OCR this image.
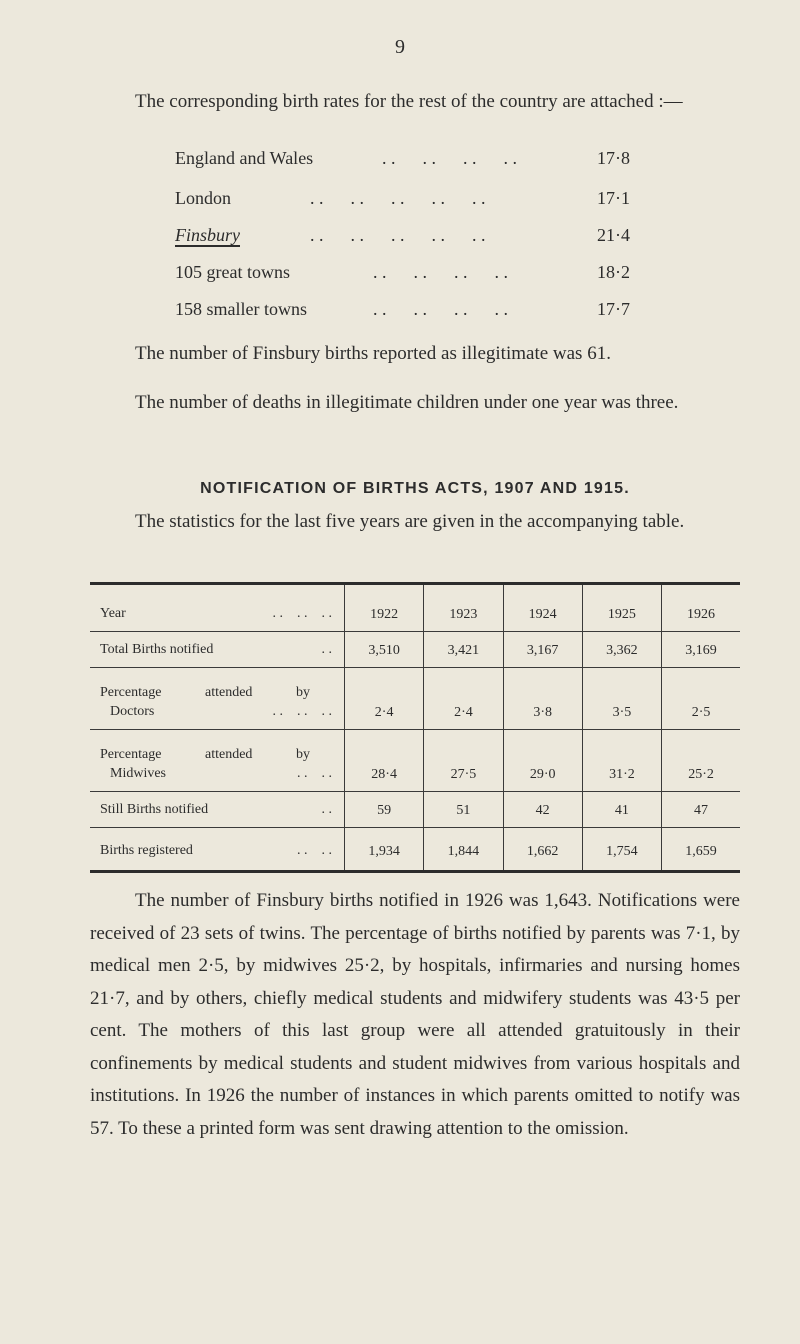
9

The corresponding birth rates for the rest of the country are attached :—

England and Wales	. .      . .      . .      . .	17·8
London	. .      . .      . .      . .      . .	17·1
Finsbury	. .      . .      . .      . .      . .	21·4
105 great towns	. .      . .      . .      . .	18·2
158 smaller towns	. .      . .      . .      . .	17·7

The number of Finsbury births reported as illegitimate was 61.

The number of deaths in illegitimate children under one year was three.

NOTIFICATION OF BIRTHS ACTS, 1907 AND 1915.

The statistics for the last five years are given in the accompanying table.

Year . .    . .    . .	1922	1923	1924	1925	1926

Total Births notified . .	3,510	3,421	3,167	3,362	3,169

Percentage attended by
Doctors . .    . .    . .	2·4	2·4	3·8	3·5	2·5

Percentage attended by
Midwives . .    . .	28·4	27·5	29·0	31·2	25·2

Still Births notified . .	59	51	42	41	47

Births registered . .    . .	1,934	1,844	1,662	1,754	1,659

The number of Finsbury births notified in 1926 was 1,643. Notifications were received of 23 sets of twins. The percentage of births notified by parents was 7·1, by medical men 2·5, by midwives 25·2, by hospitals, infirmaries and nursing homes 21·7, and by others, chiefly medical students and midwifery students was 43·5 per cent. The mothers of this last group were all attended gratuitously in their confinements by medical students and student midwives from various hospitals and institutions. In 1926 the number of instances in which parents omitted to notify was 57. To these a printed form was sent drawing attention to the omission.
